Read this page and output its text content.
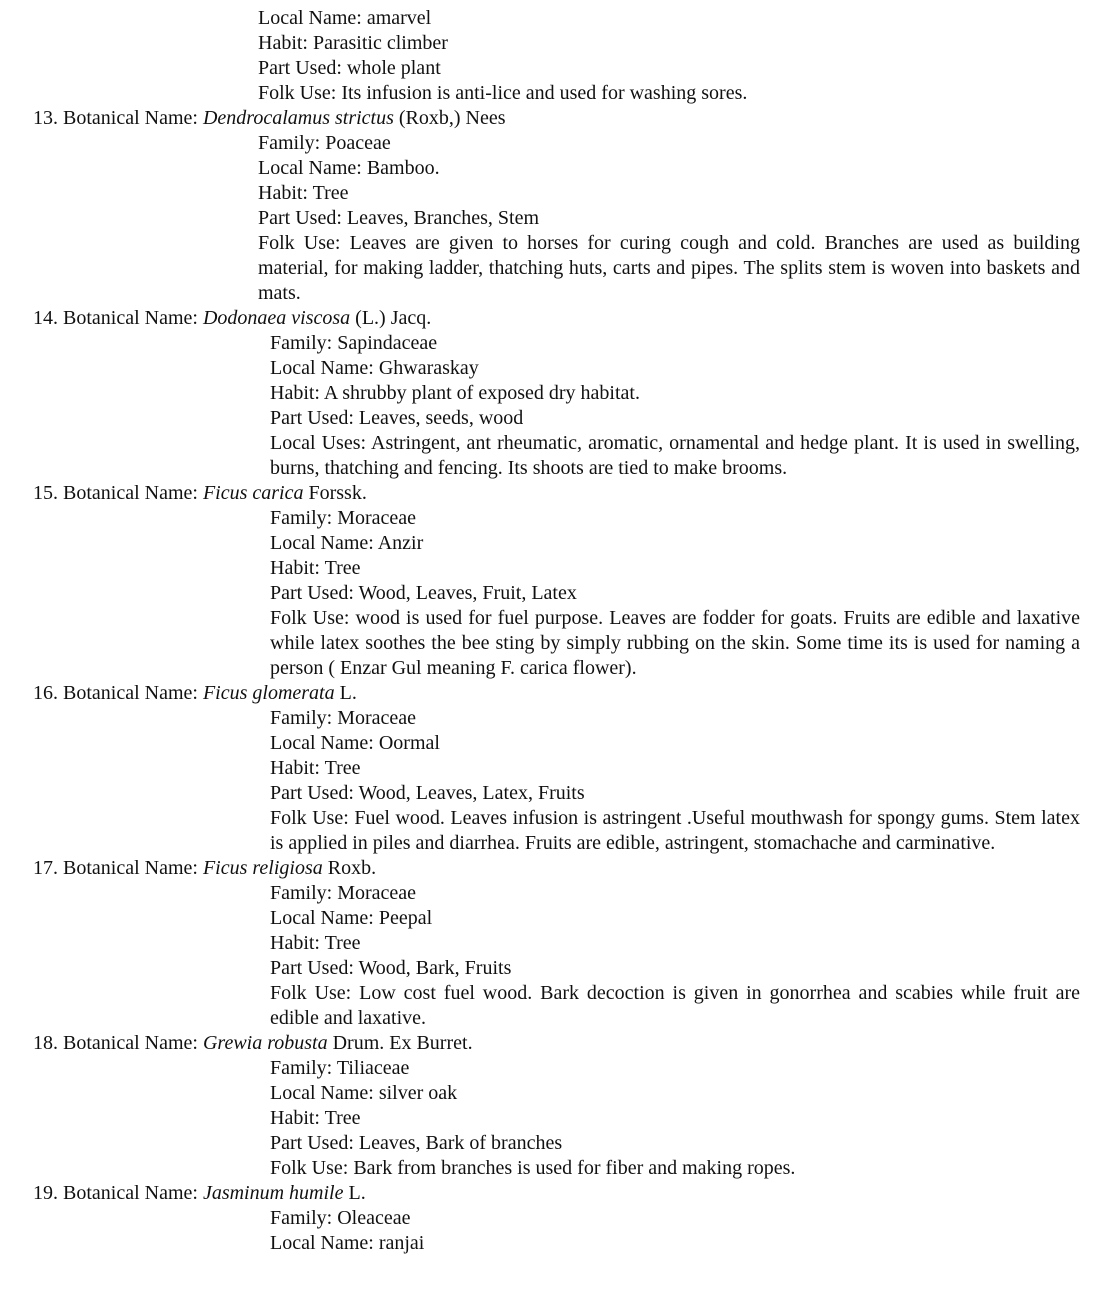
Local Name: amarvel
Habit: Parasitic climber
Part Used: whole plant
Folk Use: Its infusion is anti-lice and used for washing sores.
13. Botanical Name: Dendrocalamus strictus (Roxb,) Nees
Family: Poaceae
Local Name: Bamboo.
Habit: Tree
Part Used: Leaves, Branches, Stem
Folk Use: Leaves are given to horses for curing cough and cold. Branches are used as building material, for making ladder, thatching huts, carts and pipes. The splits stem is woven into baskets and mats.
14. Botanical Name: Dodonaea viscosa (L.) Jacq.
Family: Sapindaceae
Local Name: Ghwaraskay
Habit: A shrubby plant of exposed dry habitat.
Part Used: Leaves, seeds, wood
Local Uses: Astringent, ant rheumatic, aromatic, ornamental and hedge plant. It is used in swelling, burns, thatching and fencing. Its shoots are tied to make brooms.
15. Botanical Name: Ficus carica Forssk.
Family: Moraceae
Local Name: Anzir
Habit: Tree
Part Used: Wood, Leaves, Fruit, Latex
Folk Use: wood is used for fuel purpose. Leaves are fodder for goats. Fruits are edible and laxative while latex soothes the bee sting by simply rubbing on the skin. Some time its is used for naming a person ( Enzar Gul meaning F. carica flower).
16. Botanical Name: Ficus glomerata L.
Family: Moraceae
Local Name: Oormal
Habit: Tree
Part Used: Wood, Leaves, Latex, Fruits
Folk Use: Fuel wood. Leaves infusion is astringent .Useful mouthwash for spongy gums. Stem latex is applied in piles and diarrhea. Fruits are edible, astringent, stomachache and carminative.
17. Botanical Name: Ficus religiosa Roxb.
Family: Moraceae
Local Name: Peepal
Habit: Tree
Part Used: Wood, Bark, Fruits
Folk Use: Low cost fuel wood. Bark decoction is given in gonorrhea and scabies while fruit are edible and laxative.
18. Botanical Name: Grewia robusta Drum. Ex Burret.
Family: Tiliaceae
Local Name: silver oak
Habit: Tree
Part Used: Leaves, Bark of branches
Folk Use: Bark from branches is used for fiber and making ropes.
19. Botanical Name: Jasminum humile L.
Family: Oleaceae
Local Name: ranjai
